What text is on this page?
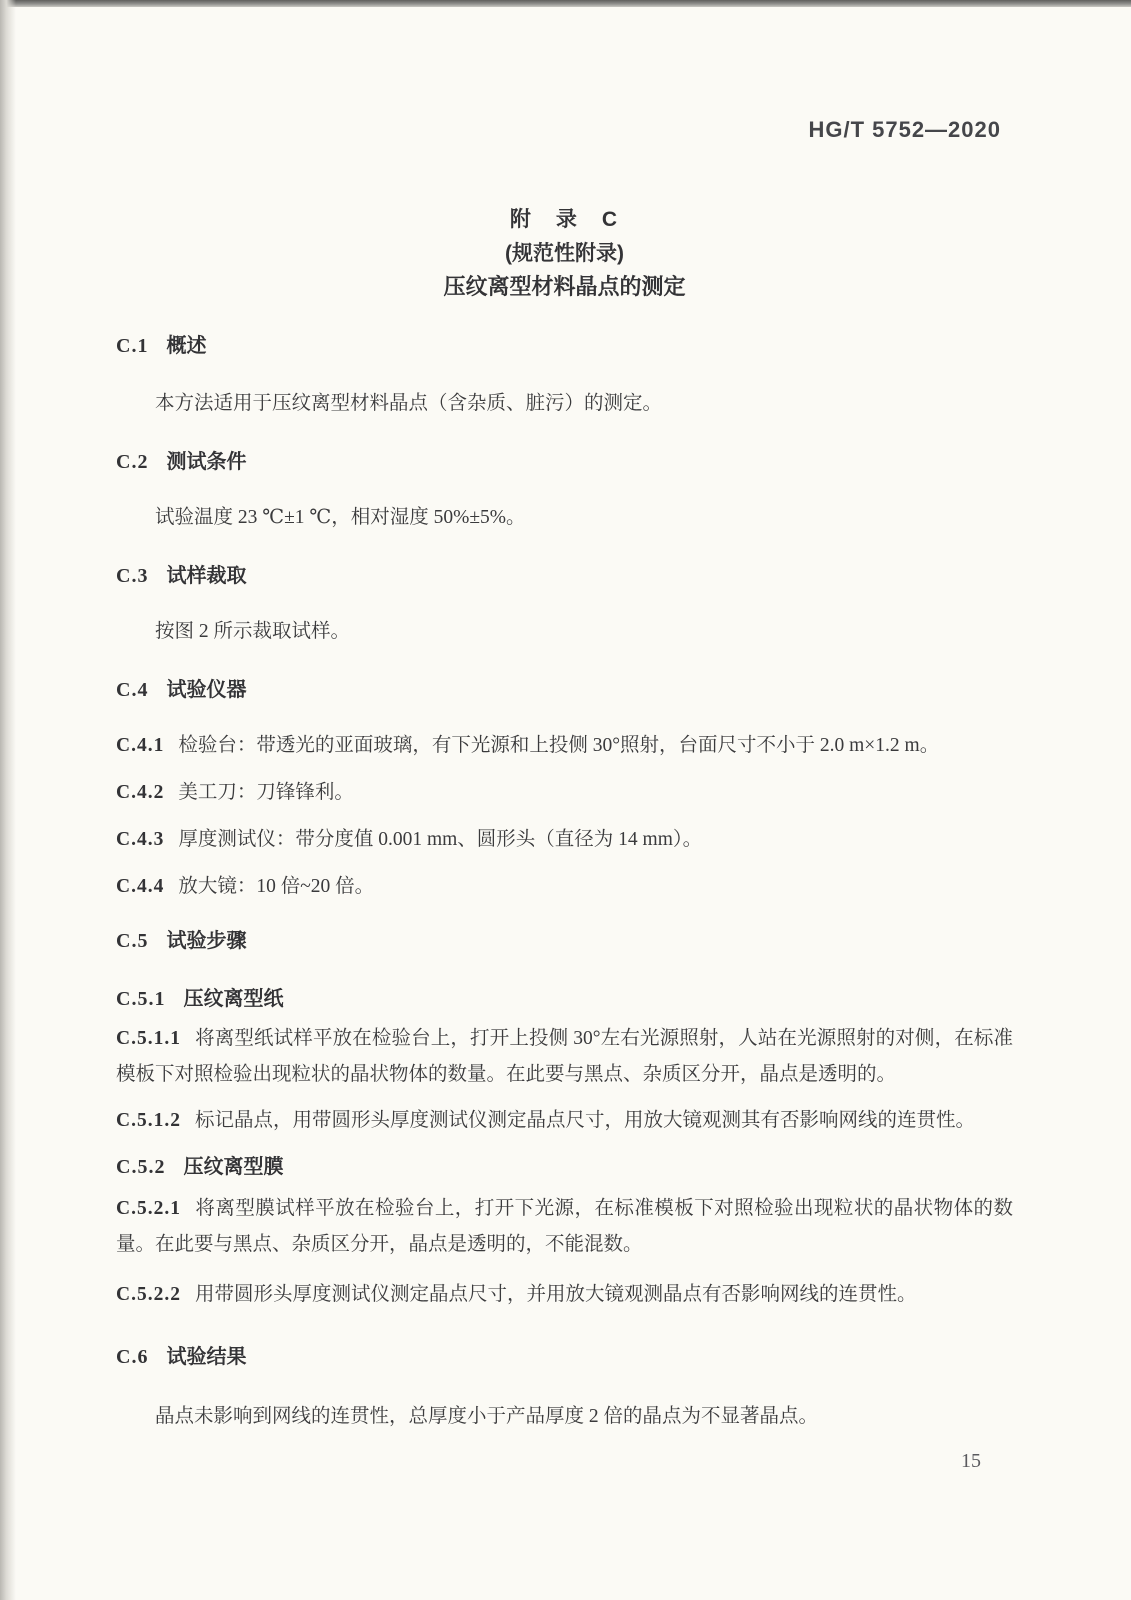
HG/T 5752—2020
附　录　C
(规范性附录)
压纹离型材料晶点的测定
C.1 概述

本方法适用于压纹离型材料晶点（含杂质、脏污）的测定。

C.2 测试条件

试验温度 23 ℃±1 ℃，相对湿度 50%±5%。

C.3 试样裁取

按图 2 所示裁取试样。

C.4 试验仪器

C.4.1 检验台：带透光的亚面玻璃，有下光源和上投侧 30°照射，台面尺寸不小于 2.0 m×1.2 m。

C.4.2 美工刀：刀锋锋利。

C.4.3 厚度测试仪：带分度值 0.001 mm、圆形头（直径为 14 mm）。

C.4.4 放大镜：10 倍~20 倍。

C.5 试验步骤
C.5.1 压纹离型纸

C.5.1.1 将离型纸试样平放在检验台上，打开上投侧 30°左右光源照射，人站在光源照射的对侧，在标准模板下对照检验出现粒状的晶状物体的数量。在此要与黑点、杂质区分开，晶点是透明的。

C.5.1.2 标记晶点，用带圆形头厚度测试仪测定晶点尺寸，用放大镜观测其有否影响网线的连贯性。

C.5.2 压纹离型膜

C.5.2.1 将离型膜试样平放在检验台上，打开下光源，在标准模板下对照检验出现粒状的晶状物体的数量。在此要与黑点、杂质区分开，晶点是透明的，不能混数。

C.5.2.2 用带圆形头厚度测试仪测定晶点尺寸，并用放大镜观测晶点有否影响网线的连贯性。

C.6 试验结果

晶点未影响到网线的连贯性，总厚度小于产品厚度 2 倍的晶点为不显著晶点。

15
